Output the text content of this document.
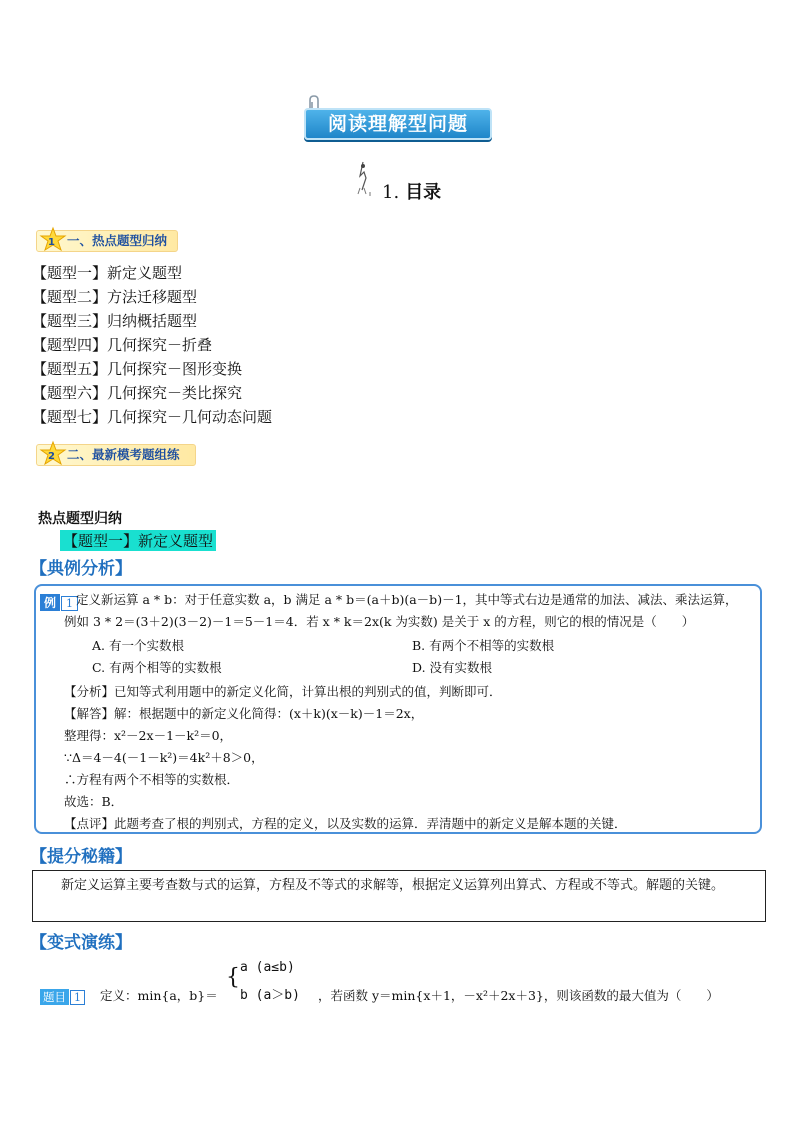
阅读理解型问题
1. 目录
1 一、热点题型归纳
【题型一】新定义题型
【题型二】方法迁移题型
【题型三】归纳概括题型
【题型四】几何探究－折叠
【题型五】几何探究－图形变换
【题型六】几何探究－类比探究
【题型七】几何探究－几何动态问题
2 二、最新模考题组练
热点题型归纳
【题型一】新定义题型
【典例分析】
例 1 定义新运算 a * b：对于任意实数 a，b 满足 a * b＝(a＋b)(a－b)－1，其中等式右边是通常的加法、减法、乘法运算，
例如 3 * 2＝(3＋2)(3－2)－1＝5－1＝4．若 x * k＝2x(k 为实数) 是关于 x 的方程，则它的根的情况是（　　）
A. 有一个实数根	B. 有两个不相等的实数根
C. 有两个相等的实数根	D. 没有实数根
【分析】已知等式利用题中的新定义化简，计算出根的判别式的值，判断即可．
【解答】解：根据题中的新定义化简得：(x＋k)(x－k)－1＝2x，
整理得：x²－2x－1－k²＝0，
∵Δ＝4－4(－1－k²)＝4k²＋8＞0，
∴方程有两个不相等的实数根．
故选：B．
【点评】此题考查了根的判别式，方程的定义，以及实数的运算．弄清题中的新定义是解本题的关键．
【提分秘籍】
新定义运算主要考查数与式的运算，方程及不等式的求解等，根据定义运算列出算式、方程或不等式。解题的关键。
【变式演练】
题目 1	定义：min{a，b}＝
{ a (a≤b)
b (a＞b) ，若函数 y＝min{x＋1，－x²＋2x＋3}，则该函数的最大值为（　　）
